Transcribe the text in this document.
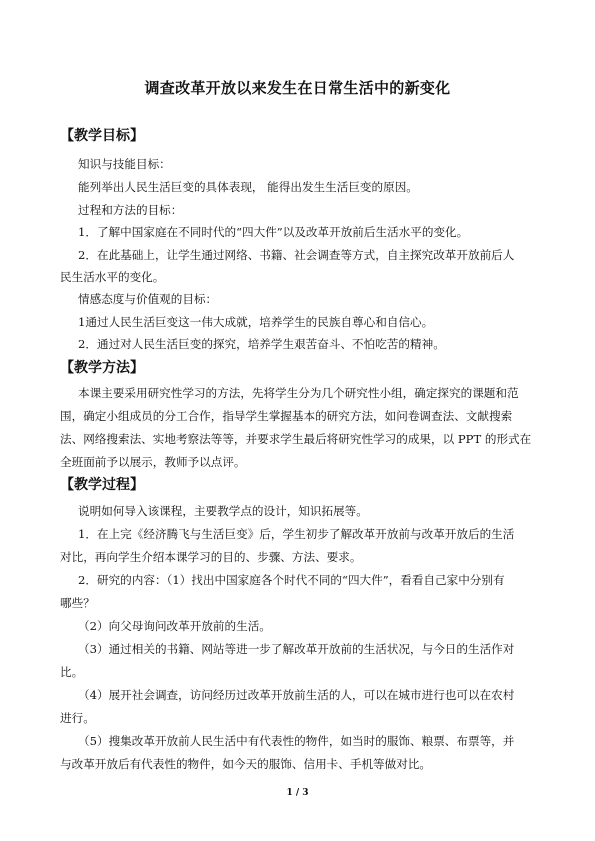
调查改革开放以来发生在日常生活中的新变化
【教学目标】
知识与技能目标：
能列举出人民生活巨变的具体表现， 能得出发生生活巨变的原因。
过程和方法的目标：
1．了解中国家庭在不同时代的“四大件”以及改革开放前后生活水平的变化。
2．在此基础上，让学生通过网络、书籍、社会调查等方式，自主探究改革开放前后人
民生活水平的变化。
情感态度与价值观的目标：
1通过人民生活巨变这一伟大成就，培养学生的民族自尊心和自信心。
2．通过对人民生活巨变的探究，培养学生艰苦奋斗、不怕吃苦的精神。
【教学方法】
本课主要采用研究性学习的方法，先将学生分为几个研究性小组，确定探究的课题和范
围，确定小组成员的分工合作，指导学生掌握基本的研究方法，如问卷调查法、文献搜索
法、网络搜索法、实地考察法等等，并要求学生最后将研究性学习的成果，以 PPT 的形式在
全班面前予以展示，教师予以点评。
【教学过程】
说明如何导入该课程，主要教学点的设计，知识拓展等。
1．在上完《经济腾飞与生活巨变》后，学生初步了解改革开放前与改革开放后的生活
对比，再向学生介绍本课学习的目的、步骤、方法、要求。
2．研究的内容：（1）找出中国家庭各个时代不同的“四大件”，看看自己家中分别有
哪些？
（2）向父母询问改革开放前的生活。
（3）通过相关的书籍、网站等进一步了解改革开放前的生活状况，与今日的生活作对
比。
（4）展开社会调查，访问经历过改革开放前生活的人，可以在城市进行也可以在农村
进行。
（5）搜集改革开放前人民生活中有代表性的物件，如当时的服饰、粮票、布票等，并
与改革开放后有代表性的物件，如今天的服饰、信用卡、手机等做对比。
1 / 3
